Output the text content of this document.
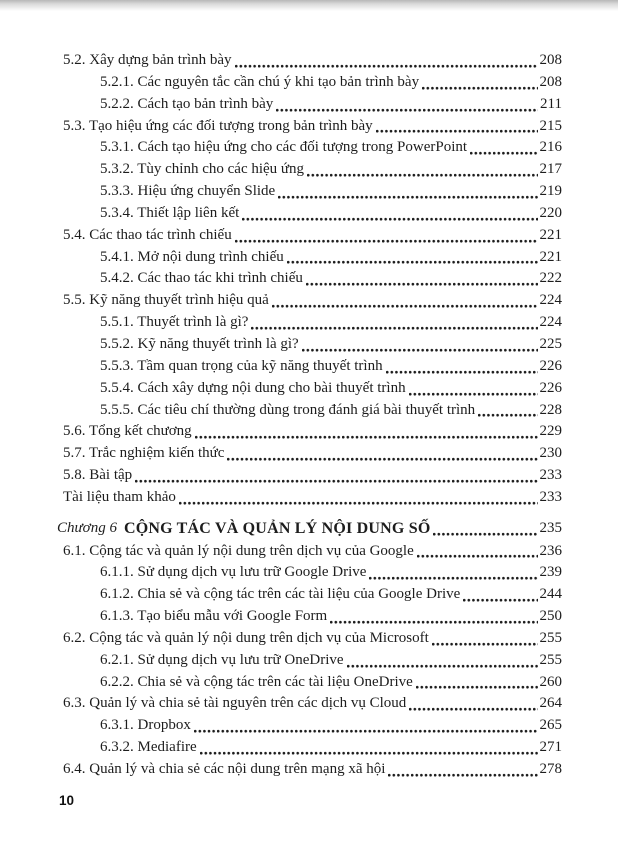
5.2. Xây dựng bản trình bày	208
5.2.1. Các nguyên tắc cần chú ý khi tạo bản trình bày	208
5.2.2. Cách tạo bản trình bày	211
5.3. Tạo hiệu ứng các đối tượng trong bản trình bày	215
5.3.1. Cách tạo hiệu ứng cho các đối tượng trong PowerPoint	216
5.3.2. Tùy chỉnh cho các hiệu ứng	217
5.3.3. Hiệu ứng chuyển Slide	219
5.3.4. Thiết lập liên kết	220
5.4. Các thao tác trình chiếu	221
5.4.1. Mở nội dung trình chiếu	221
5.4.2. Các thao tác khi trình chiếu	222
5.5. Kỹ năng thuyết trình hiệu quả	224
5.5.1. Thuyết trình là gì?	224
5.5.2. Kỹ năng thuyết trình là gì?	225
5.5.3. Tầm quan trọng của kỹ năng thuyết trình	226
5.5.4. Cách xây dựng nội dung cho bài thuyết trình	226
5.5.5. Các tiêu chí thường dùng trong đánh giá bài thuyết trình	228
5.6. Tổng kết chương	229
5.7. Trắc nghiệm kiến thức	230
5.8. Bài tập	233
Tài liệu tham khảo	233
Chương 6 CỘNG TÁC VÀ QUẢN LÝ NỘI DUNG SỐ	235
6.1. Cộng tác và quản lý nội dung trên dịch vụ của Google	236
6.1.1. Sử dụng dịch vụ lưu trữ Google Drive	239
6.1.2. Chia sẻ và cộng tác trên các tài liệu của Google Drive	244
6.1.3. Tạo biểu mẫu với Google Form	250
6.2. Cộng tác và quản lý nội dung trên dịch vụ của Microsoft	255
6.2.1. Sử dụng dịch vụ lưu trữ OneDrive	255
6.2.2. Chia sẻ và cộng tác trên các tài liệu OneDrive	260
6.3. Quản lý và chia sẻ tài nguyên trên các dịch vụ Cloud	264
6.3.1. Dropbox	265
6.3.2. Mediafire	271
6.4. Quản lý và chia sẻ các nội dung trên mạng xã hội	278
10
